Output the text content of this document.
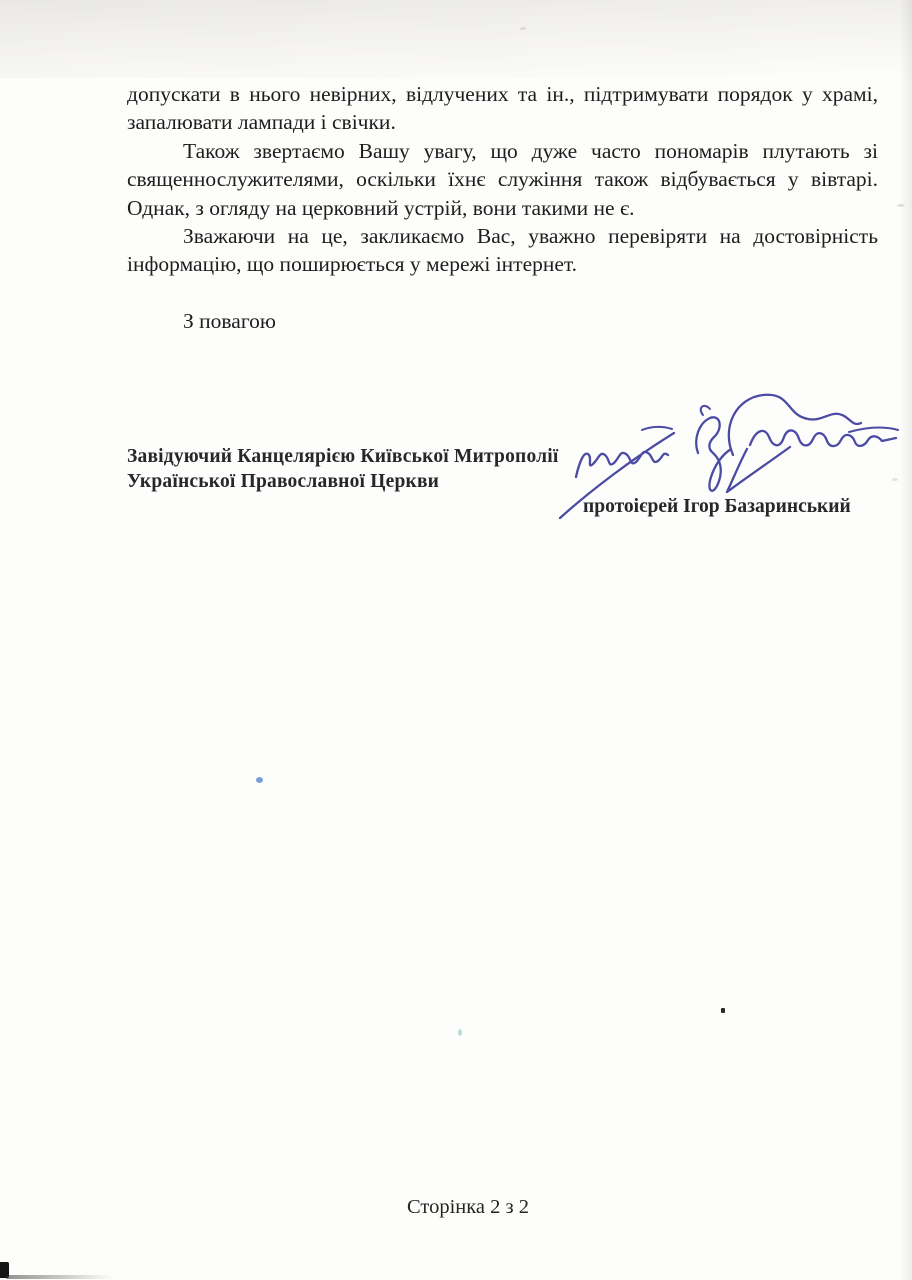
допускати в нього невірних, відлучених та ін., підтримувати порядок у храмі,
запалювати лампади і свічки.
Також звертаємо Вашу увагу, що дуже часто пономарів плутають зі
священнослужителями, оскільки їхнє служіння також відбувається у вівтарі.
Однак, з огляду на церковний устрій, вони такими не є.
Зважаючи на це, закликаємо Вас, уважно перевіряти на достовірність
інформацію, що поширюється у мережі інтернет.
З повагою
Завідуючий Канцелярією Київської Митрополії
Української Православної Церкви
протоієрей Ігор Базаринський
Сторінка 2 з 2
